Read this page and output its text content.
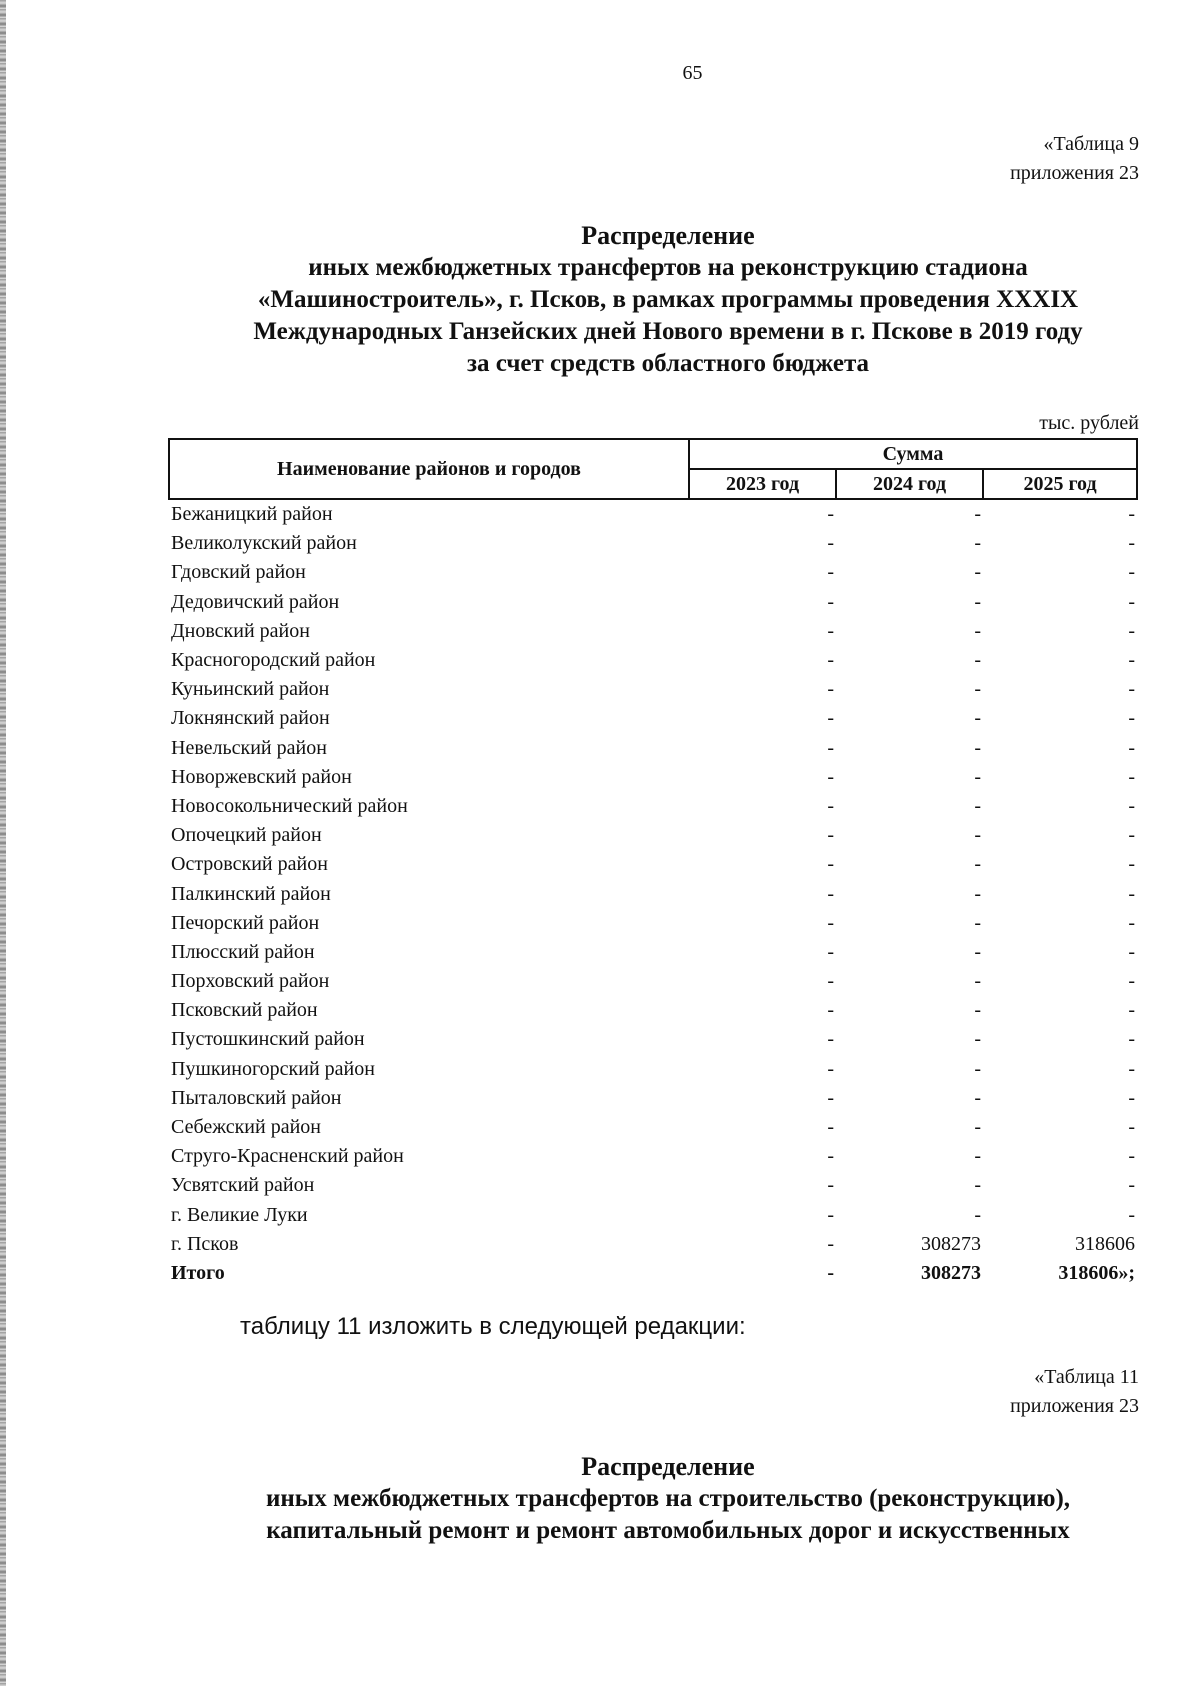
65
«Таблица 9
приложения 23
Распределение
иных межбюджетных трансфертов на реконструкцию стадиона
«Машиностроитель», г. Псков, в рамках программы проведения XXXIX
Международных Ганзейских дней Нового времени в г. Пскове в 2019 году
за счет средств областного бюджета
тыс. рублей
Наименование районов и городов	Сумма		
	2023 год	2024 год	2025 год
Бежаницкий район	-	-	-
Великолукский район	-	-	-
Гдовский район	-	-	-
Дедовичский район	-	-	-
Дновский район	-	-	-
Красногородский район	-	-	-
Куньинский район	-	-	-
Локнянский район	-	-	-
Невельский район	-	-	-
Новоржевский район	-	-	-
Новосокольнический район	-	-	-
Опочецкий район	-	-	-
Островский район	-	-	-
Палкинский район	-	-	-
Печорский район	-	-	-
Плюсский район	-	-	-
Порховский район	-	-	-
Псковский район	-	-	-
Пустошкинский район	-	-	-
Пушкиногорский район	-	-	-
Пыталовский район	-	-	-
Себежский район	-	-	-
Струго-Красненский район	-	-	-
Усвятский район	-	-	-
г. Великие Луки	-	-	-
г. Псков	-	308273	318606
Итого	-	308273	318606»;
таблицу 11 изложить в следующей редакции:
«Таблица 11
приложения 23
Распределение
иных межбюджетных трансфертов на строительство (реконструкцию),
капитальный ремонт и ремонт автомобильных дорог и искусственных
